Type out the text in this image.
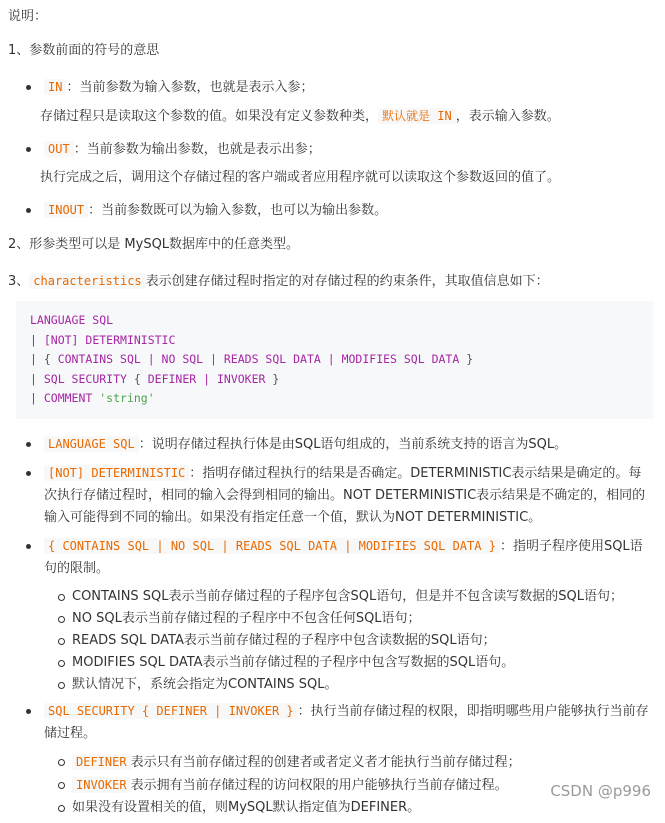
说明：

1、参数前面的符号的意思

IN ：当前参数为输入参数，也就是表示入参；

存储过程只是读取这个参数的值。如果没有定义参数种类， 默认就是 IN ，表示输入参数。

OUT ：当前参数为输出参数，也就是表示出参；

执行完成之后，调用这个存储过程的客户端或者应用程序就可以读取这个参数返回的值了。

INOUT ：当前参数既可以为输入参数，也可以为输出参数。

2、形参类型可以是 MySQL数据库中的任意类型。

3、 characteristics 表示创建存储过程时指定的对存储过程的约束条件，其取值信息如下：

LANGUAGE SQL
| [NOT] DETERMINISTIC
| { CONTAINS SQL | NO SQL | READS SQL DATA | MODIFIES SQL DATA }
| SQL SECURITY { DEFINER | INVOKER }
| COMMENT 'string'
LANGUAGE SQL ：说明存储过程执行体是由SQL语句组成的，当前系统支持的语言为SQL。
[NOT] DETERMINISTIC ：指明存储过程执行的结果是否确定。DETERMINISTIC表示结果是确定的。每次执行存储过程时，相同的输入会得到相同的输出。NOT DETERMINISTIC表示结果是不确定的，相同的输入可能得到不同的输出。如果没有指定任意一个值，默认为NOT DETERMINISTIC。
{ CONTAINS SQL | NO SQL | READS SQL DATA | MODIFIES SQL DATA } ：指明子程序使用SQL语句的限制。
CONTAINS SQL表示当前存储过程的子程序包含SQL语句，但是并不包含读写数据的SQL语句；
NO SQL表示当前存储过程的子程序中不包含任何SQL语句；
READS SQL DATA表示当前存储过程的子程序中包含读数据的SQL语句；
MODIFIES SQL DATA表示当前存储过程的子程序中包含写数据的SQL语句。
默认情况下，系统会指定为CONTAINS SQL。
SQL SECURITY { DEFINER | INVOKER } ：执行当前存储过程的权限，即指明哪些用户能够执行当前存储过程。
DEFINER 表示只有当前存储过程的创建者或者定义者才能执行当前存储过程；
INVOKER 表示拥有当前存储过程的访问权限的用户能够执行当前存储过程。
如果没有设置相关的值，则MySQL默认指定值为DEFINER。
CSDN @p996
